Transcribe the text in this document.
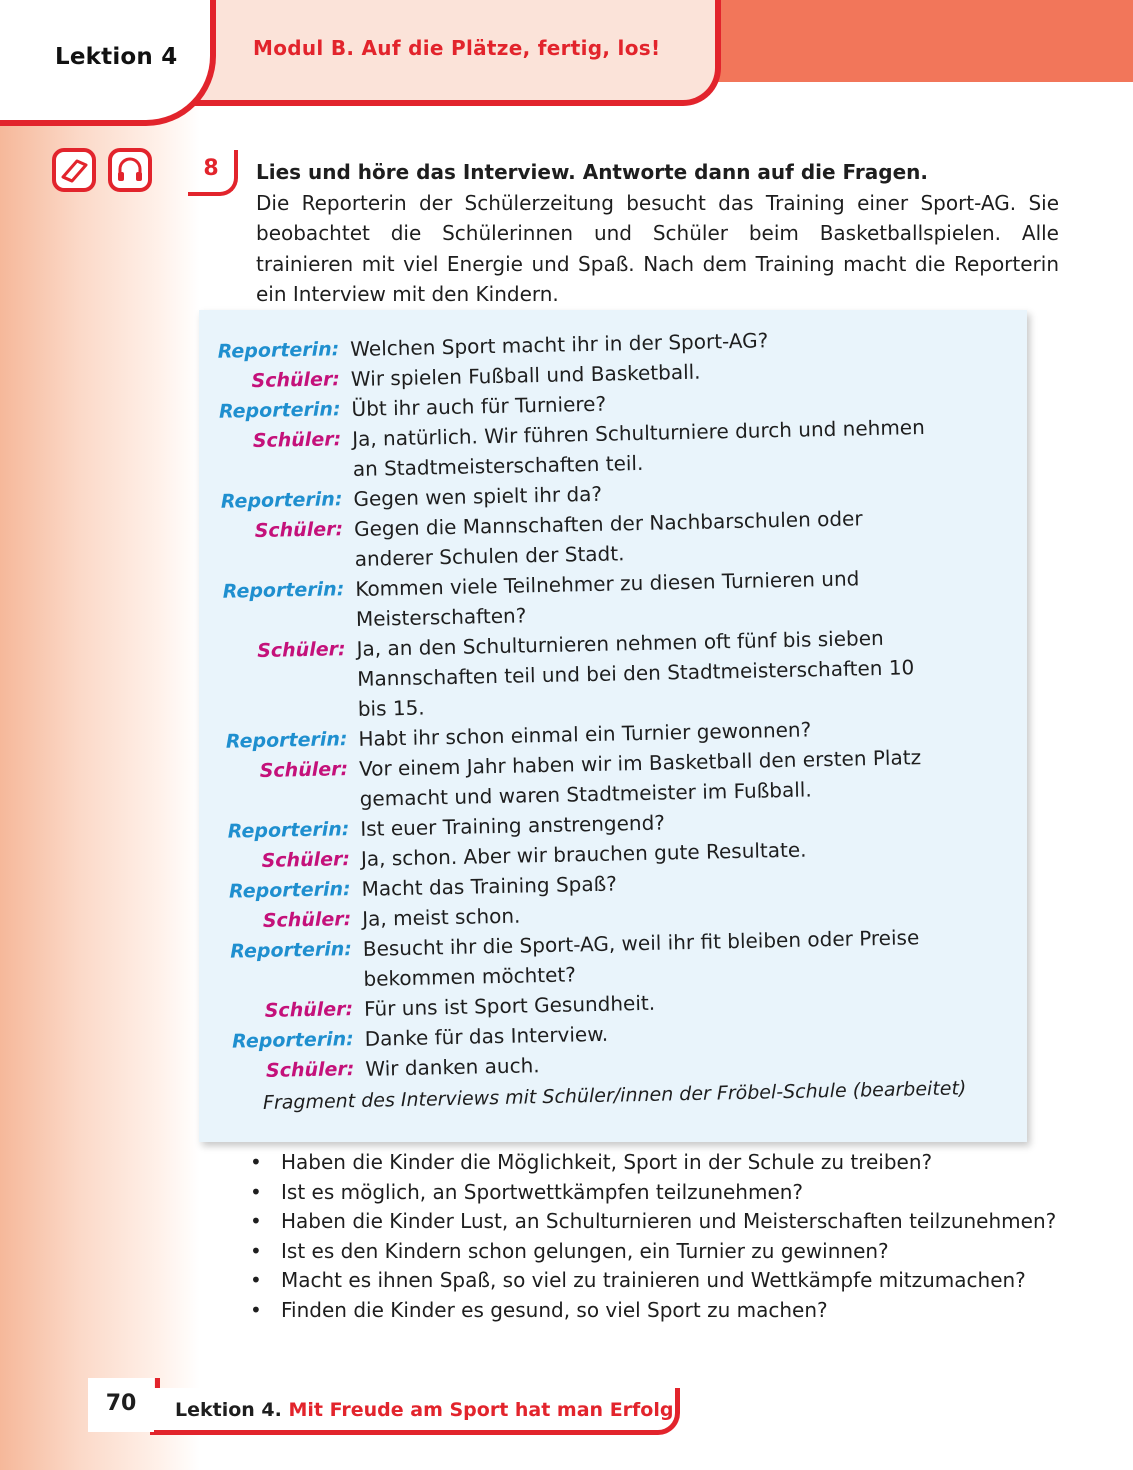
Lektion 4	Modul B. Auf die Plätze, fertig, los!
8	Lies und höre das Interview. Antworte dann auf die Fragen.
Die Reporterin der Schülerzeitung besucht das Training einer Sport-AG. Sie beobachtet die Schülerinnen und Schüler beim Basketballspielen. Alle trainieren mit viel Energie und Spaß. Nach dem Training macht die Reporterin ein Interview mit den Kindern.
Reporterin: Welchen Sport macht ihr in der Sport-AG?
Schüler: Wir spielen Fußball und Basketball.
Reporterin: Übt ihr auch für Turniere?
Schüler: Ja, natürlich. Wir führen Schulturniere durch und nehmen
an Stadtmeisterschaften teil.
Reporterin: Gegen wen spielt ihr da?
Schüler: Gegen die Mannschaften der Nachbarschulen oder
anderer Schulen der Stadt.
Reporterin: Kommen viele Teilnehmer zu diesen Turnieren und
Meisterschaften?
Schüler: Ja, an den Schulturnieren nehmen oft fünf bis sieben
Mannschaften teil und bei den Stadtmeisterschaften 10
bis 15.
Reporterin: Habt ihr schon einmal ein Turnier gewonnen?
Schüler: Vor einem Jahr haben wir im Basketball den ersten Platz
gemacht und waren Stadtmeister im Fußball.
Reporterin: Ist euer Training anstrengend?
Schüler: Ja, schon. Aber wir brauchen gute Resultate.
Reporterin: Macht das Training Spaß?
Schüler: Ja, meist schon.
Reporterin: Besucht ihr die Sport-AG, weil ihr fit bleiben oder Preise
bekommen möchtet?
Schüler: Für uns ist Sport Gesundheit.
Reporterin: Danke für das Interview.
Schüler: Wir danken auch.
Fragment des Interviews mit Schüler/innen der Fröbel-Schule (bearbeitet)
• Haben die Kinder die Möglichkeit, Sport in der Schule zu treiben?
• Ist es möglich, an Sportwettkämpfen teilzunehmen?
• Haben die Kinder Lust, an Schulturnieren und Meisterschaften teilzunehmen?
• Ist es den Kindern schon gelungen, ein Turnier zu gewinnen?
• Macht es ihnen Spaß, so viel zu trainieren und Wettkämpfe mitzumachen?
• Finden die Kinder es gesund, so viel Sport zu machen?
70	Lektion 4. Mit Freude am Sport hat man Erfolg
